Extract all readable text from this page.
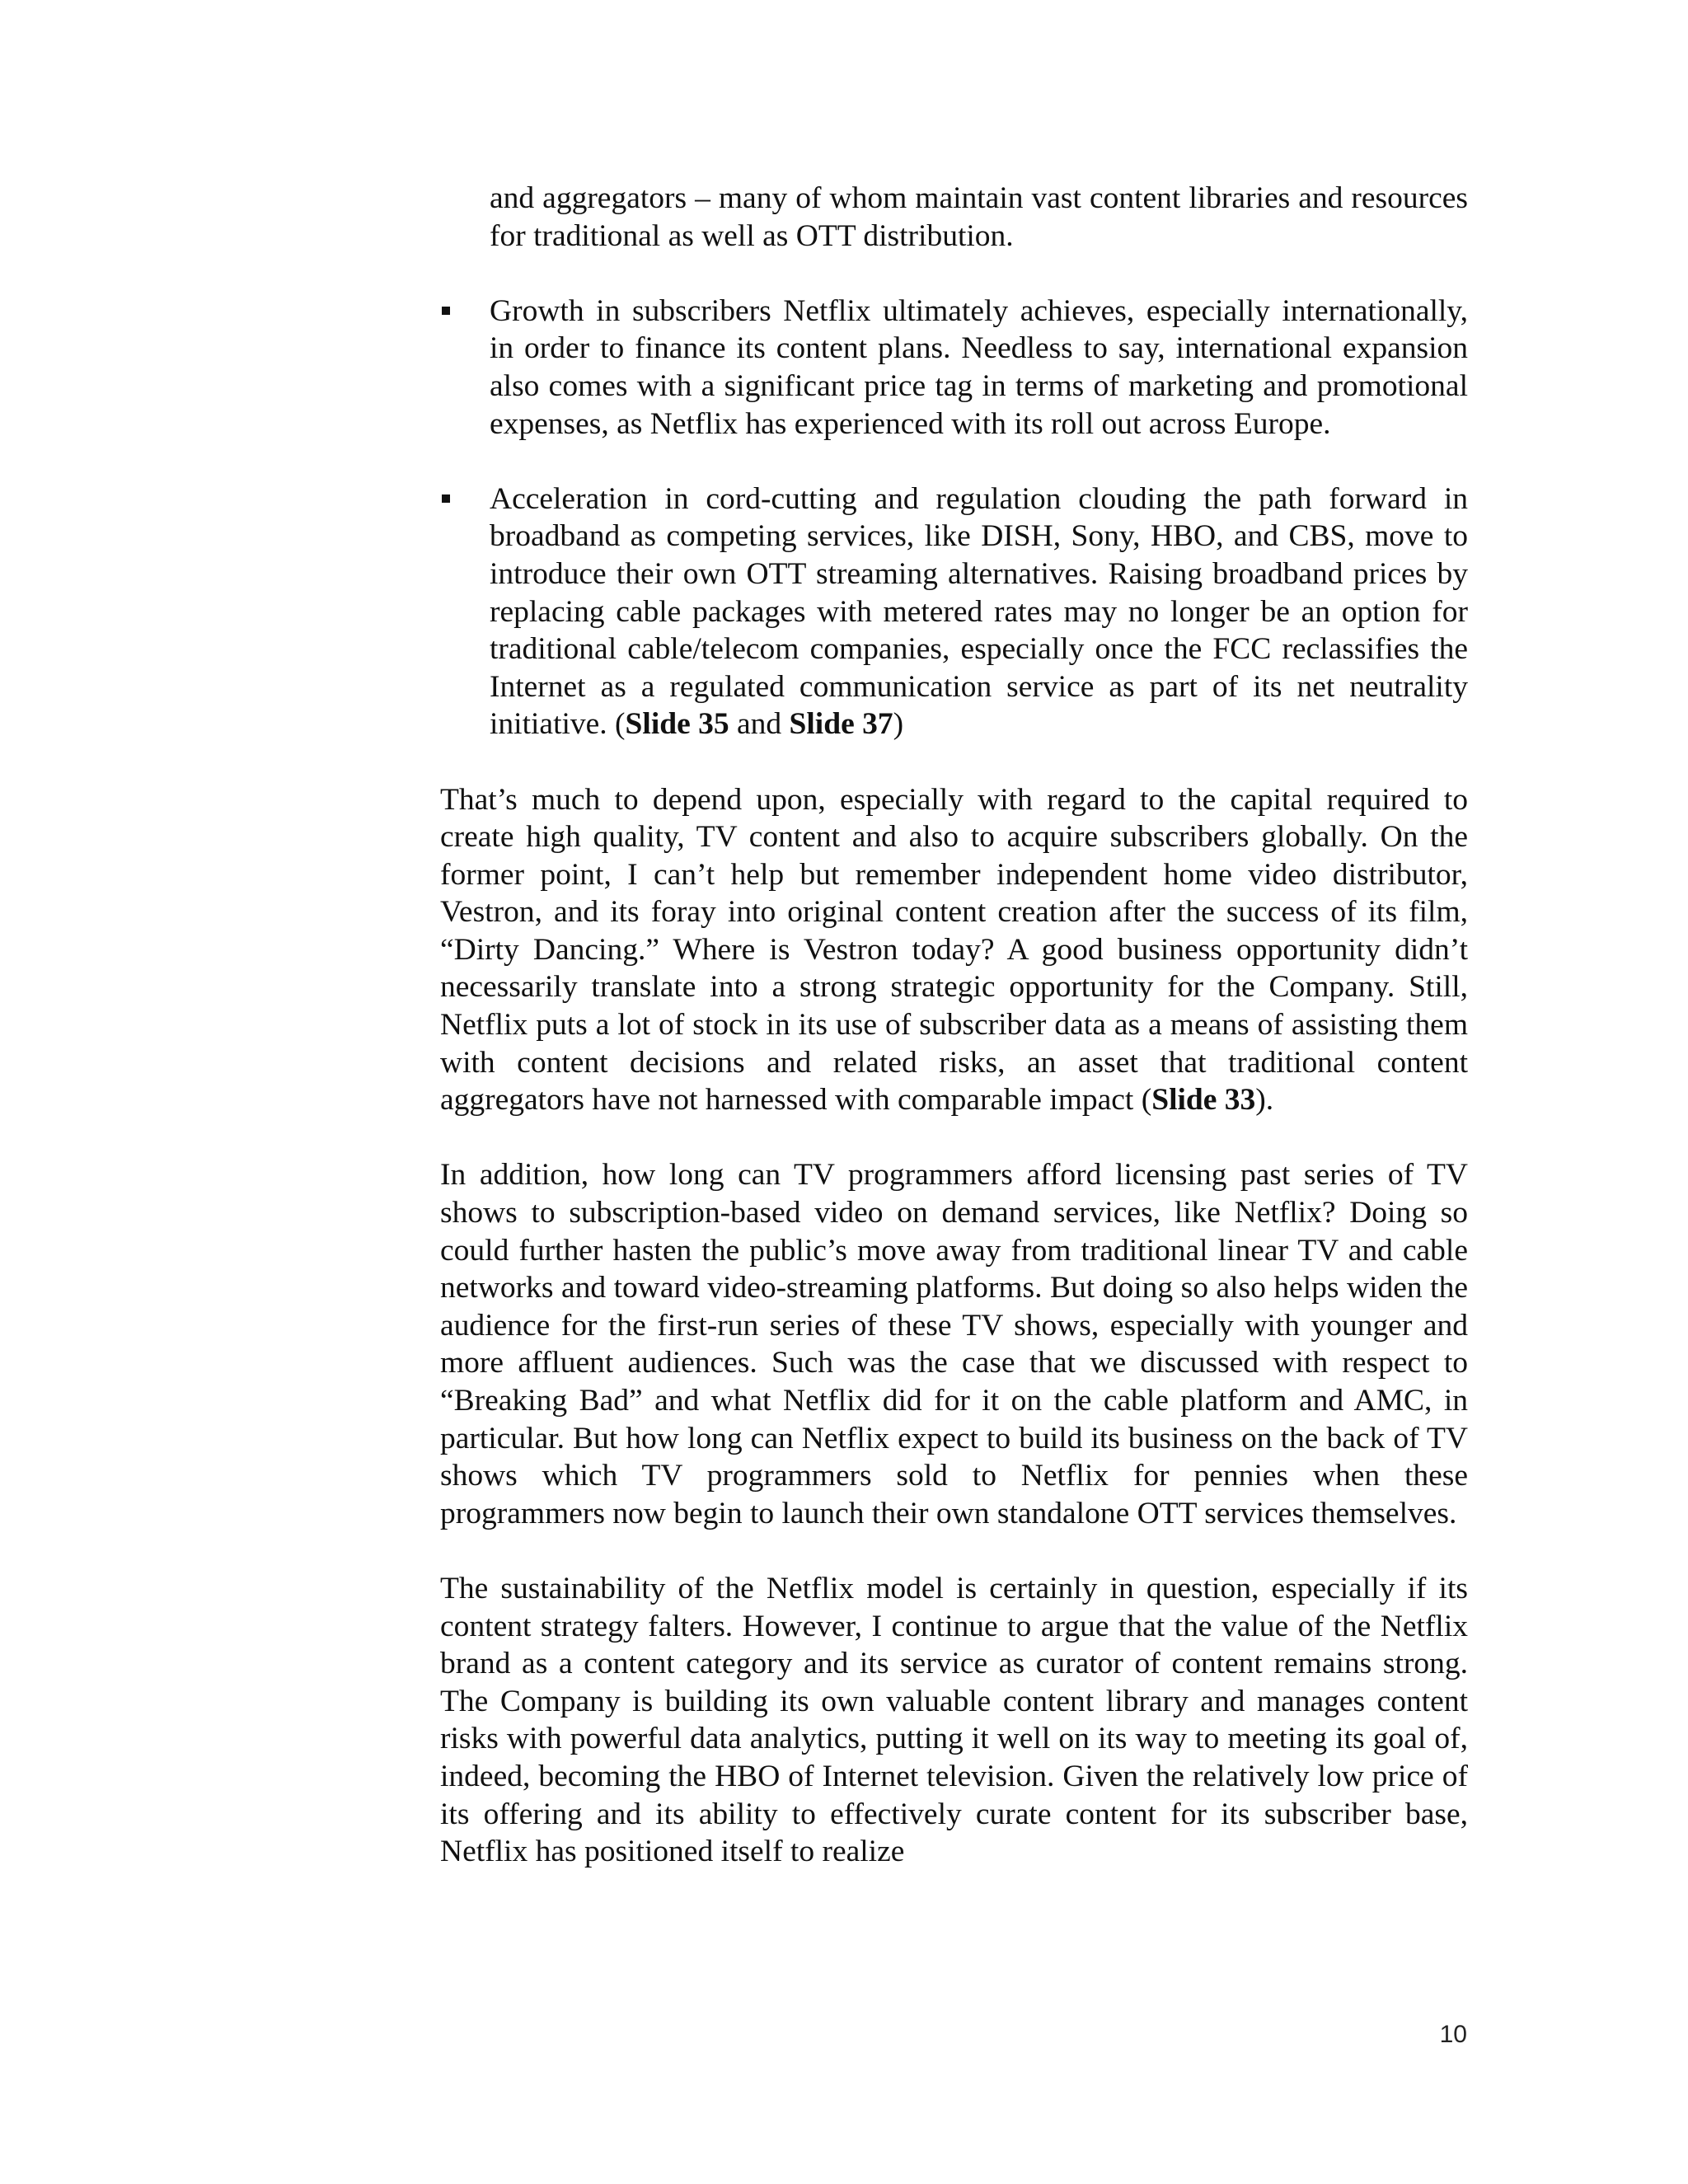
and aggregators – many of whom maintain vast content libraries and resources for traditional as well as OTT distribution.

Growth in subscribers Netflix ultimately achieves, especially internationally, in order to finance its content plans. Needless to say, international expansion also comes with a significant price tag in terms of marketing and promotional expenses, as Netflix has experienced with its roll out across Europe.
Acceleration in cord-cutting and regulation clouding the path forward in broadband as competing services, like DISH, Sony, HBO, and CBS, move to introduce their own OTT streaming alternatives. Raising broadband prices by replacing cable packages with metered rates may no longer be an option for traditional cable/telecom companies, especially once the FCC reclassifies the Internet as a regulated communication service as part of its net neutrality initiative. (Slide 35 and Slide 37)

That’s much to depend upon, especially with regard to the capital required to create high quality, TV content and also to acquire subscribers globally. On the former point, I can’t help but remember independent home video distributor, Vestron, and its foray into original content creation after the success of its film, “Dirty Dancing.” Where is Vestron today? A good business opportunity didn’t necessarily translate into a strong strategic opportunity for the Company. Still, Netflix puts a lot of stock in its use of subscriber data as a means of assisting them with content decisions and related risks, an asset that traditional content aggregators have not harnessed with comparable impact (Slide 33).

In addition, how long can TV programmers afford licensing past series of TV shows to subscription-based video on demand services, like Netflix? Doing so could further hasten the public’s move away from traditional linear TV and cable networks and toward video-streaming platforms. But doing so also helps widen the audience for the first-run series of these TV shows, especially with younger and more affluent audiences. Such was the case that we discussed with respect to “Breaking Bad” and what Netflix did for it on the cable platform and AMC, in particular. But how long can Netflix expect to build its business on the back of TV shows which TV programmers sold to Netflix for pennies when these programmers now begin to launch their own standalone OTT services themselves.

The sustainability of the Netflix model is certainly in question, especially if its content strategy falters. However, I continue to argue that the value of the Netflix brand as a content category and its service as curator of content remains strong. The Company is building its own valuable content library and manages content risks with powerful data analytics, putting it well on its way to meeting its goal of, indeed, becoming the HBO of Internet television. Given the relatively low price of its offering and its ability to effectively curate content for its subscriber base, Netflix has positioned itself to realize

10
